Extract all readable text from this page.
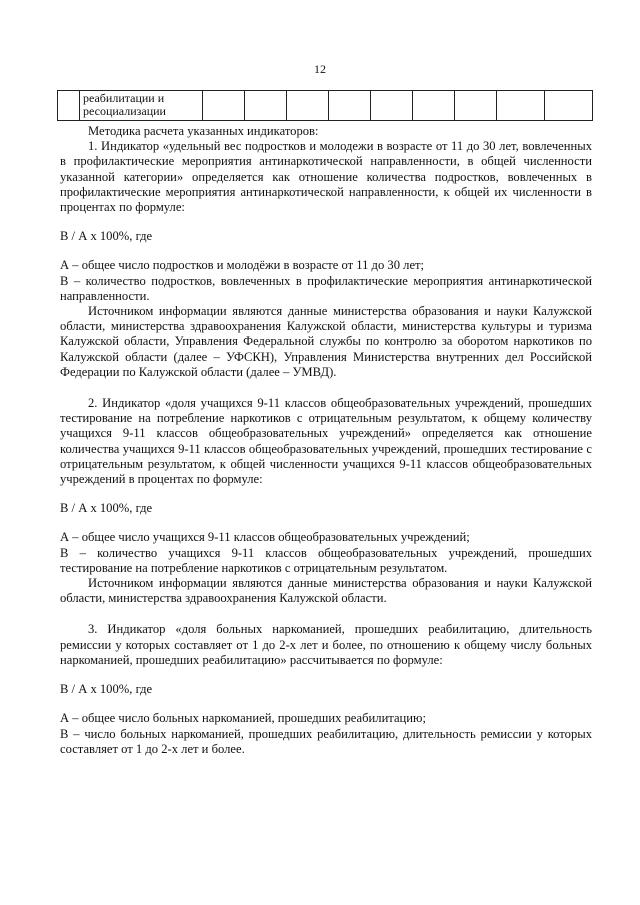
12

реабилитации и
ресоциализации

Методика расчета указанных индикаторов:

1. Индикатор «удельный вес подростков и молодежи в возрасте от 11 до 30 лет, вовлеченных в профилактические мероприятия антинаркотической направленности, в общей численности указанной категории» определяется как отношение количества подростков, вовлеченных в профилактические мероприятия антинаркотической направленности, к общей их численности в процентах по формуле:

В / А х 100%, где

А – общее число подростков и молодёжи в возрасте от 11 до 30 лет;

В – количество подростков, вовлеченных в профилактические мероприятия антинаркотической направленности.

Источником информации являются данные министерства образования и науки Калужской области, министерства здравоохранения Калужской области, министерства культуры и туризма Калужской области, Управления Федеральной службы по контролю за оборотом наркотиков по Калужской области (далее – УФСКН), Управления Министерства внутренних дел Российской Федерации по Калужской области (далее – УМВД).

2. Индикатор «доля учащихся 9-11 классов общеобразовательных учреждений, прошедших тестирование на потребление наркотиков с отрицательным результатом, к общему количеству учащихся 9-11 классов общеобразовательных учреждений» определяется как отношение количества учащихся 9-11 классов общеобразовательных учреждений, прошедших тестирование с отрицательным результатом, к общей численности учащихся 9-11 классов общеобразовательных учреждений в процентах по формуле:

В / А х 100%, где

А – общее число учащихся 9-11 классов общеобразовательных учреждений;

В – количество учащихся 9-11 классов общеобразовательных учреждений, прошедших тестирование на потребление наркотиков с отрицательным результатом.

Источником информации являются данные министерства образования и науки Калужской области, министерства здравоохранения Калужской области.

3. Индикатор «доля больных наркоманией, прошедших реабилитацию, длительность ремиссии у которых составляет от 1 до 2-х лет и более, по отношению к общему числу больных наркоманией, прошедших реабилитацию» рассчитывается по формуле:

В / А х 100%, где

А – общее число больных наркоманией, прошедших реабилитацию;

В – число больных наркоманией, прошедших реабилитацию, длительность ремиссии у которых составляет от 1 до 2-х лет и более.
